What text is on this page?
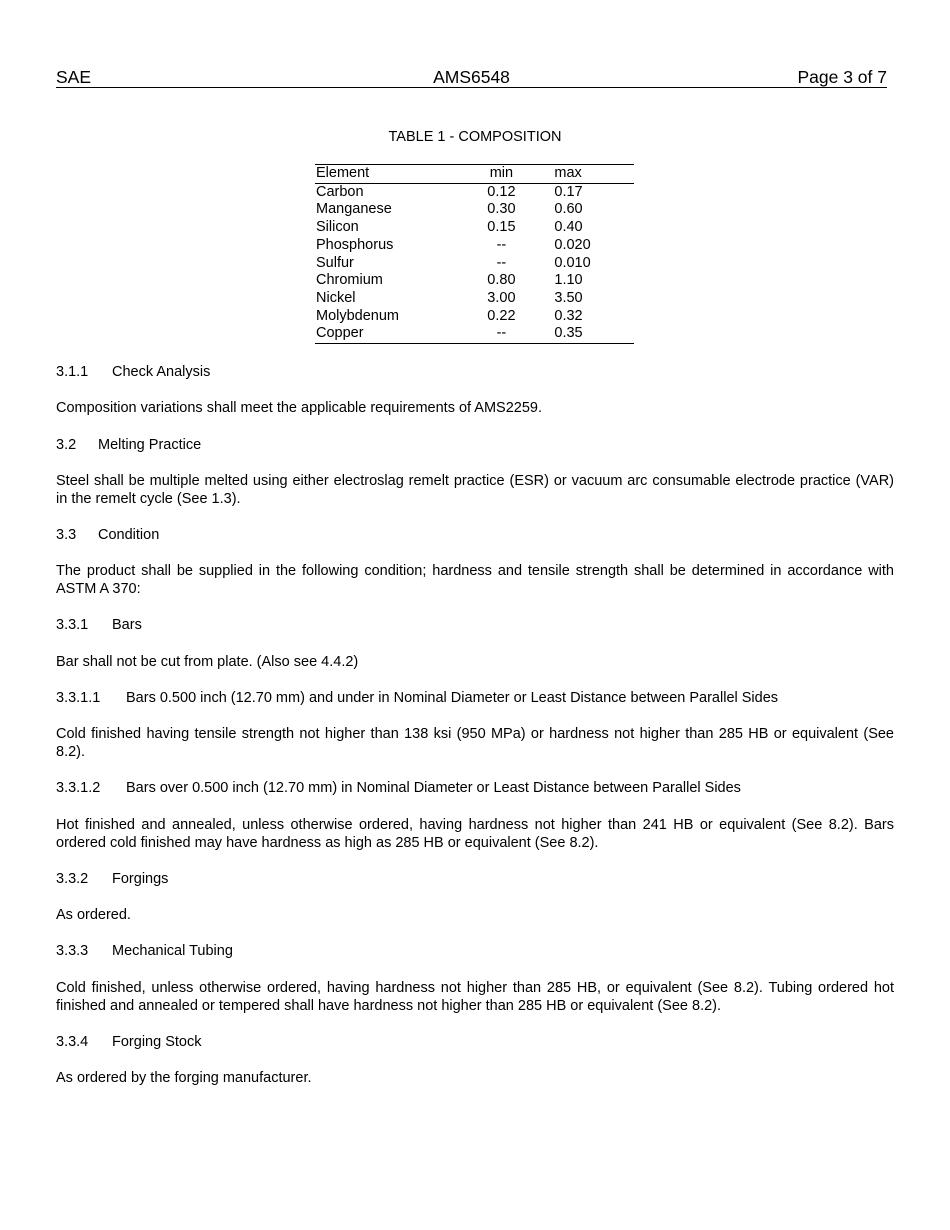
SAE	AMS6548	Page 3 of 7
TABLE 1 - COMPOSITION
Element	min	max
Carbon	0.12	0.17
Manganese	0.30	0.60
Silicon	0.15	0.40
Phosphorus	--	0.020
Sulfur	--	0.010
Chromium	0.80	1.10
Nickel	3.00	3.50
Molybdenum	0.22	0.32
Copper	--	0.35
3.1.1 Check Analysis
Composition variations shall meet the applicable requirements of AMS2259.
3.2 Melting Practice
Steel shall be multiple melted using either electroslag remelt practice (ESR) or vacuum arc consumable electrode practice (VAR) in the remelt cycle (See 1.3).
3.3 Condition
The product shall be supplied in the following condition; hardness and tensile strength shall be determined in accordance with ASTM A 370:
3.3.1 Bars
Bar shall not be cut from plate. (Also see 4.4.2)
3.3.1.1 Bars 0.500 inch (12.70 mm) and under in Nominal Diameter or Least Distance between Parallel Sides
Cold finished having tensile strength not higher than 138 ksi (950 MPa) or hardness not higher than 285 HB or equivalent (See 8.2).
3.3.1.2 Bars over 0.500 inch (12.70 mm) in Nominal Diameter or Least Distance between Parallel Sides
Hot finished and annealed, unless otherwise ordered, having hardness not higher than 241 HB or equivalent (See 8.2). Bars ordered cold finished may have hardness as high as 285 HB or equivalent (See 8.2).
3.3.2 Forgings
As ordered.
3.3.3 Mechanical Tubing
Cold finished, unless otherwise ordered, having hardness not higher than 285 HB, or equivalent (See 8.2). Tubing ordered hot finished and annealed or tempered shall have hardness not higher than 285 HB or equivalent (See 8.2).
3.3.4 Forging Stock
As ordered by the forging manufacturer.
